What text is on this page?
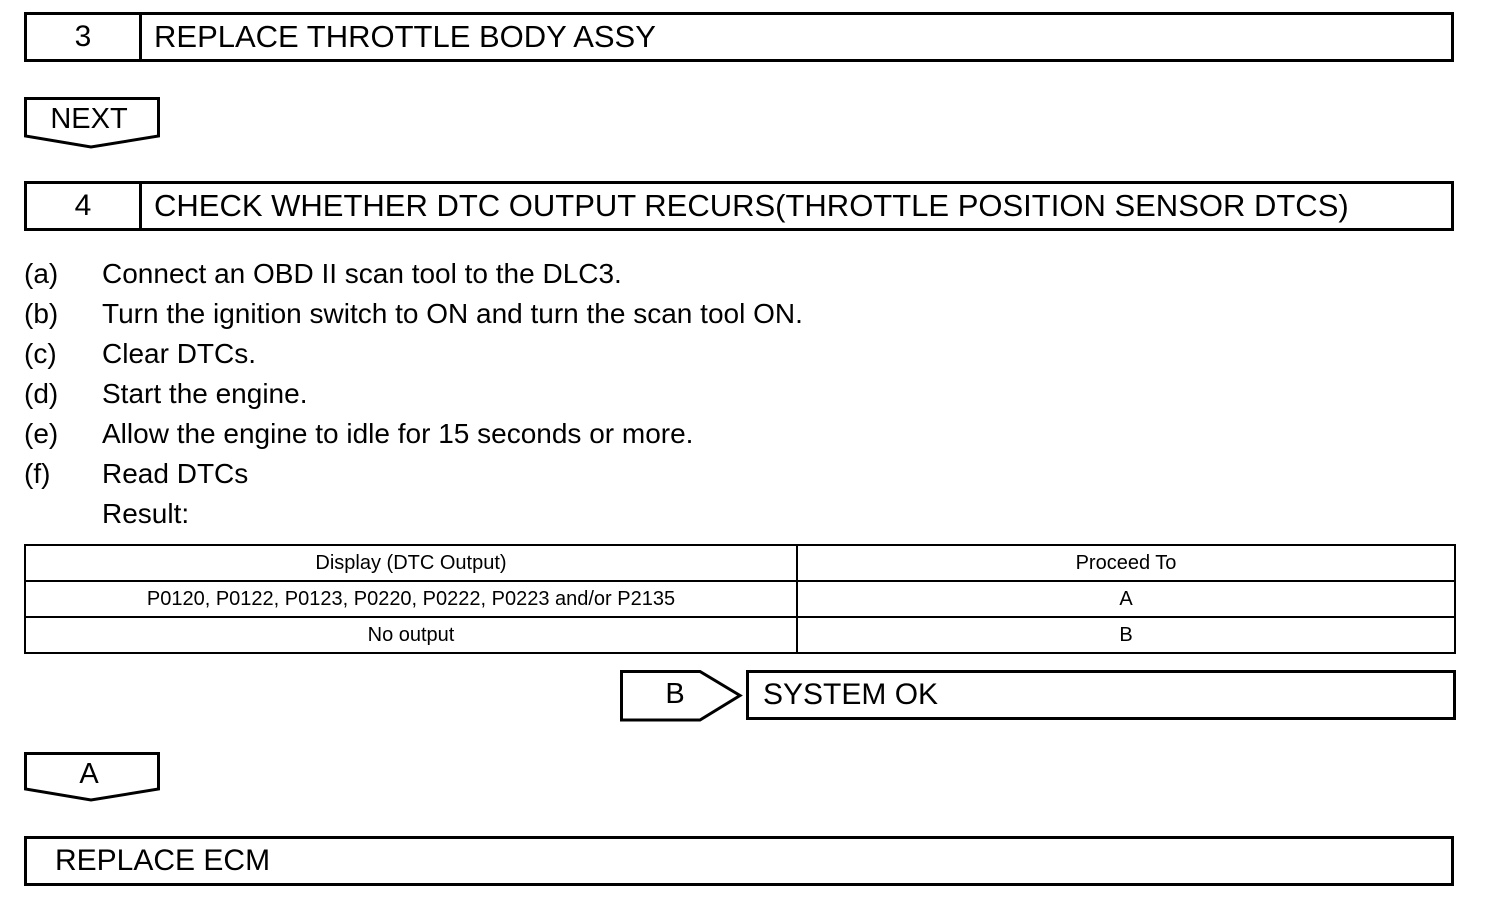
3	REPLACE THROTTLE BODY ASSY
NEXT
4	CHECK WHETHER DTC OUTPUT RECURS(THROTTLE POSITION SENSOR DTCS)
(a) Connect an OBD II scan tool to the DLC3.
(b) Turn the ignition switch to ON and turn the scan tool ON.
(c) Clear DTCs.
(d) Start the engine.
(e) Allow the engine to idle for 15 seconds or more.
(f) Read DTCs
Result:
Display (DTC Output)	Proceed To
P0120, P0122, P0123, P0220, P0222, P0223 and/or P2135	A
No output	B
B	SYSTEM OK
A
REPLACE ECM
